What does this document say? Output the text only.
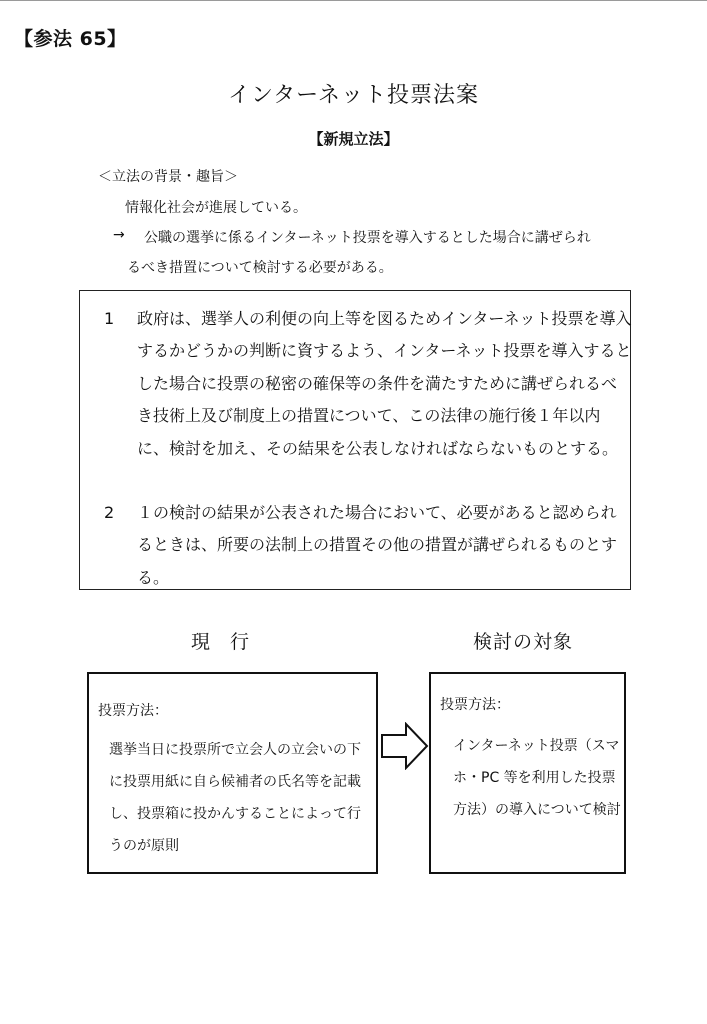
【参法 65】
インターネット投票法案
【新規立法】
＜立法の背景・趣旨＞
情報化社会が進展している。
→ 公職の選挙に係るインターネット投票を導入するとした場合に講ぜられ
るべき措置について検討する必要がある。
1 政府は、選挙人の利便の向上等を図るためインターネット投票を導入するかどうかの判断に資するよう、インターネット投票を導入するとした場合に投票の秘密の確保等の条件を満たすために講ぜられるべき技術上及び制度上の措置について、この法律の施行後１年以内に、検討を加え、その結果を公表しなければならないものとする。
2 １の検討の結果が公表された場合において、必要があると認められるときは、所要の法制上の措置その他の措置が講ぜられるものとする。
現行	検討の対象
投票方法：
選挙当日に投票所で立会人の立会いの下に投票用紙に自ら候補者の氏名等を記載し、投票箱に投かんすることによって行うのが原則
投票方法：
インターネット投票（スマホ・PC 等を利用した投票方法）の導入について検討
